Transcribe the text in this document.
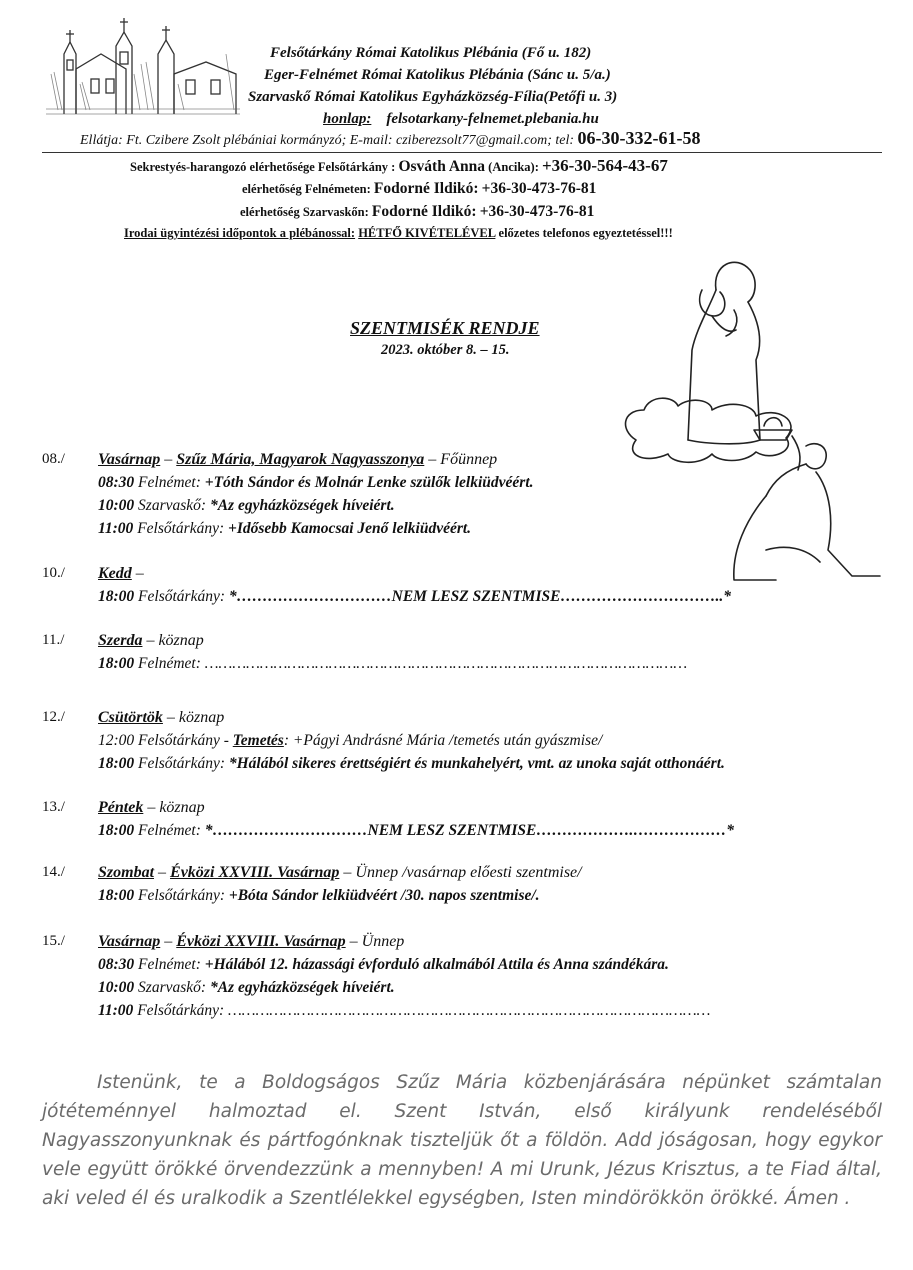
Felsőtárkány Római Katolikus Plébánia (Fő u. 182)
Eger-Felnémet Római Katolikus Plébánia (Sánc u. 5/a.)
Szarvaskő Római Katolikus Egyházközség-Fília(Petőfi u. 3)
honlap: felsotarkany-felnemet.plebania.hu
Ellátja: Ft. Czibere Zsolt plébániai kormányzó; E-mail: cziberezsolt77@gmail.com; tel: 06-30-332-61-58
Sekrestyés-harangozó elérhetősége Felsőtárkány : Osváth Anna (Ancika): +36-30-564-43-67
elérhetőség Felnémeten: Fodorné Ildikó: +36-30-473-76-81
elérhetőség Szarvaskőn: Fodorné Ildikó: +36-30-473-76-81
Irodai ügyintézési időpontok a plébánossal: HÉTFŐ KIVÉTELÉVEL előzetes telefonos egyeztetéssel!!!
SZENTMISÉK RENDJE
2023. október 8. – 15.
08./ Vasárnap – Szűz Mária, Magyarok Nagyasszonya – Főünnep
08:30 Felnémet: +Tóth Sándor és Molnár Lenke szülők lelkiüdvéért.
10:00 Szarvaskő: *Az egyházközségek híveiért.
11:00 Felsőtárkány: +Idősebb Kamocsai Jenő lelkiüdvéért.
10./ Kedd –
18:00 Felsőtárkány: *…………………………NEM LESZ SZENTMISE…………………………..*
11./ Szerda – köznap
18:00 Felnémet: ……………………………………………………………………………………………
12./ Csütörtök – köznap
12:00 Felsőtárkány - Temetés: +Págyi Andrásné Mária /temetés után gyászmise/
18:00 Felsőtárkány: *Hálából sikeres érettségiért és munkahelyért, vmt. az unoka saját otthonáért.
13./ Péntek – köznap
18:00 Felnémet: *…………………………NEM LESZ SZENTMISE……………….………………*
14./ Szombat – Évközi XXVIII. Vasárnap – Ünnep /vasárnap előesti szentmise/
18:00 Felsőtárkány: +Bóta Sándor lelkiüdvéért /30. napos szentmise/.
15./ Vasárnap – Évközi XXVIII. Vasárnap – Ünnep
08:30 Felnémet: +Hálából 12. házassági évforduló alkalmából Attila és Anna szándékára.
10:00 Szarvaskő: *Az egyházközségek híveiért.
11:00 Felsőtárkány: ……………………………………………………………………………………………

Istenünk, te a Boldogságos Szűz Mária közbenjárására népünket számtalan jótéteménnyel halmoztad el. Szent István, első királyunk rendeléséből Nagyasszonyunknak és pártfogónknak tiszteljük őt a földön. Add jóságosan, hogy egykor vele együtt örökké örvendezzünk a mennyben! A mi Urunk, Jézus Krisztus, a te Fiad által, aki veled él és uralkodik a Szentlélekkel egységben, Isten mindörökkön örökké. Ámen .
